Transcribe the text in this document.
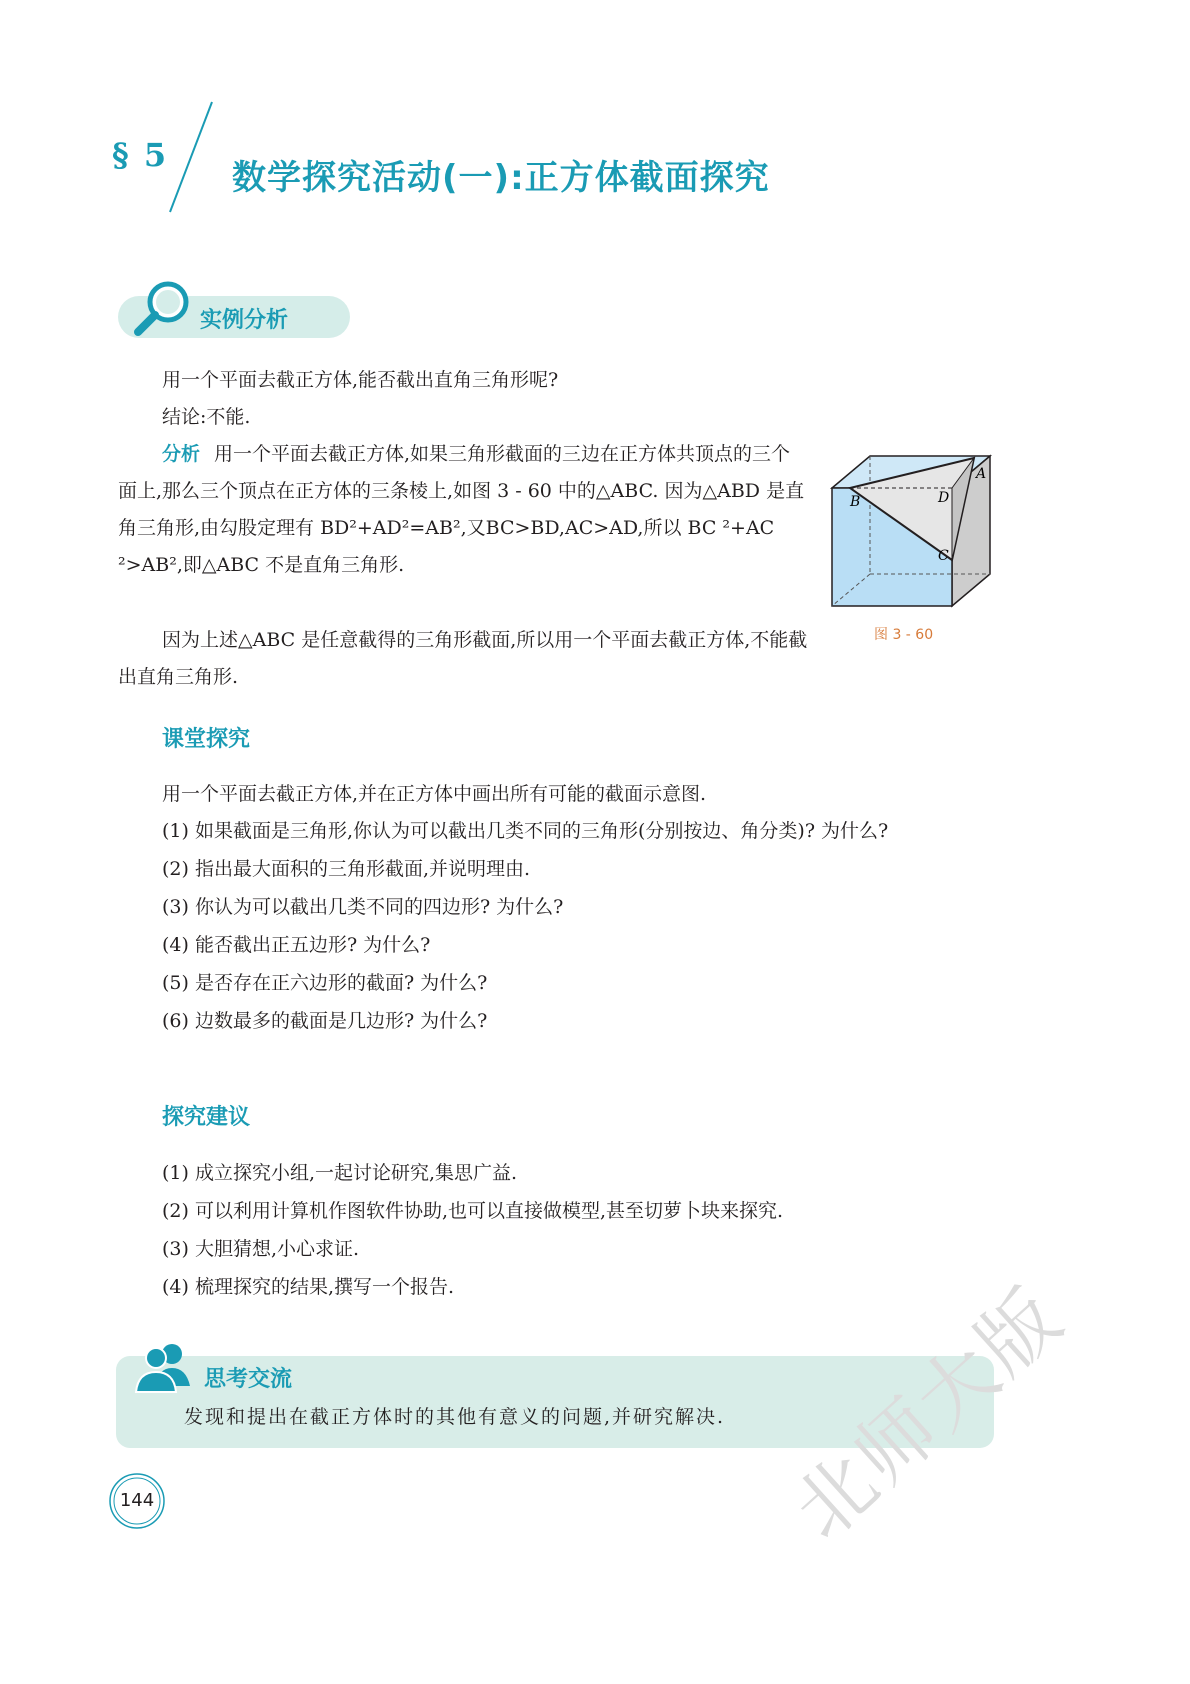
§ 5
数学探究活动(一):正方体截面探究
实例分析
用一个平面去截正方体,能否截出直角三角形呢?
结论:不能.
分析 用一个平面去截正方体,如果三角形截面的三边在正方体共顶点的三个面上,那么三个顶点在正方体的三条棱上,如图 3 - 60 中的△ABC. 因为△ABD 是直角三角形,由勾股定理有 BD²+AD²=AB²,又BC>BD,AC>AD,所以 BC ²+AC ²>AB²,即△ABC 不是直角三角形.
因为上述△ABC 是任意截得的三角形截面,所以用一个平面去截正方体,不能截出直角三角形.
A
B
C
D
图 3 - 60
课堂探究
用一个平面去截正方体,并在正方体中画出所有可能的截面示意图.
(1) 如果截面是三角形,你认为可以截出几类不同的三角形(分别按边、角分类)? 为什么?
(2) 指出最大面积的三角形截面,并说明理由.
(3) 你认为可以截出几类不同的四边形? 为什么?
(4) 能否截出正五边形? 为什么?
(5) 是否存在正六边形的截面? 为什么?
(6) 边数最多的截面是几边形? 为什么?
探究建议
(1) 成立探究小组,一起讨论研究,集思广益.
(2) 可以利用计算机作图软件协助,也可以直接做模型,甚至切萝卜块来探究.
(3) 大胆猜想,小心求证.
(4) 梳理探究的结果,撰写一个报告.
思考交流
发现和提出在截正方体时的其他有意义的问题,并研究解决.
144	北师大版
